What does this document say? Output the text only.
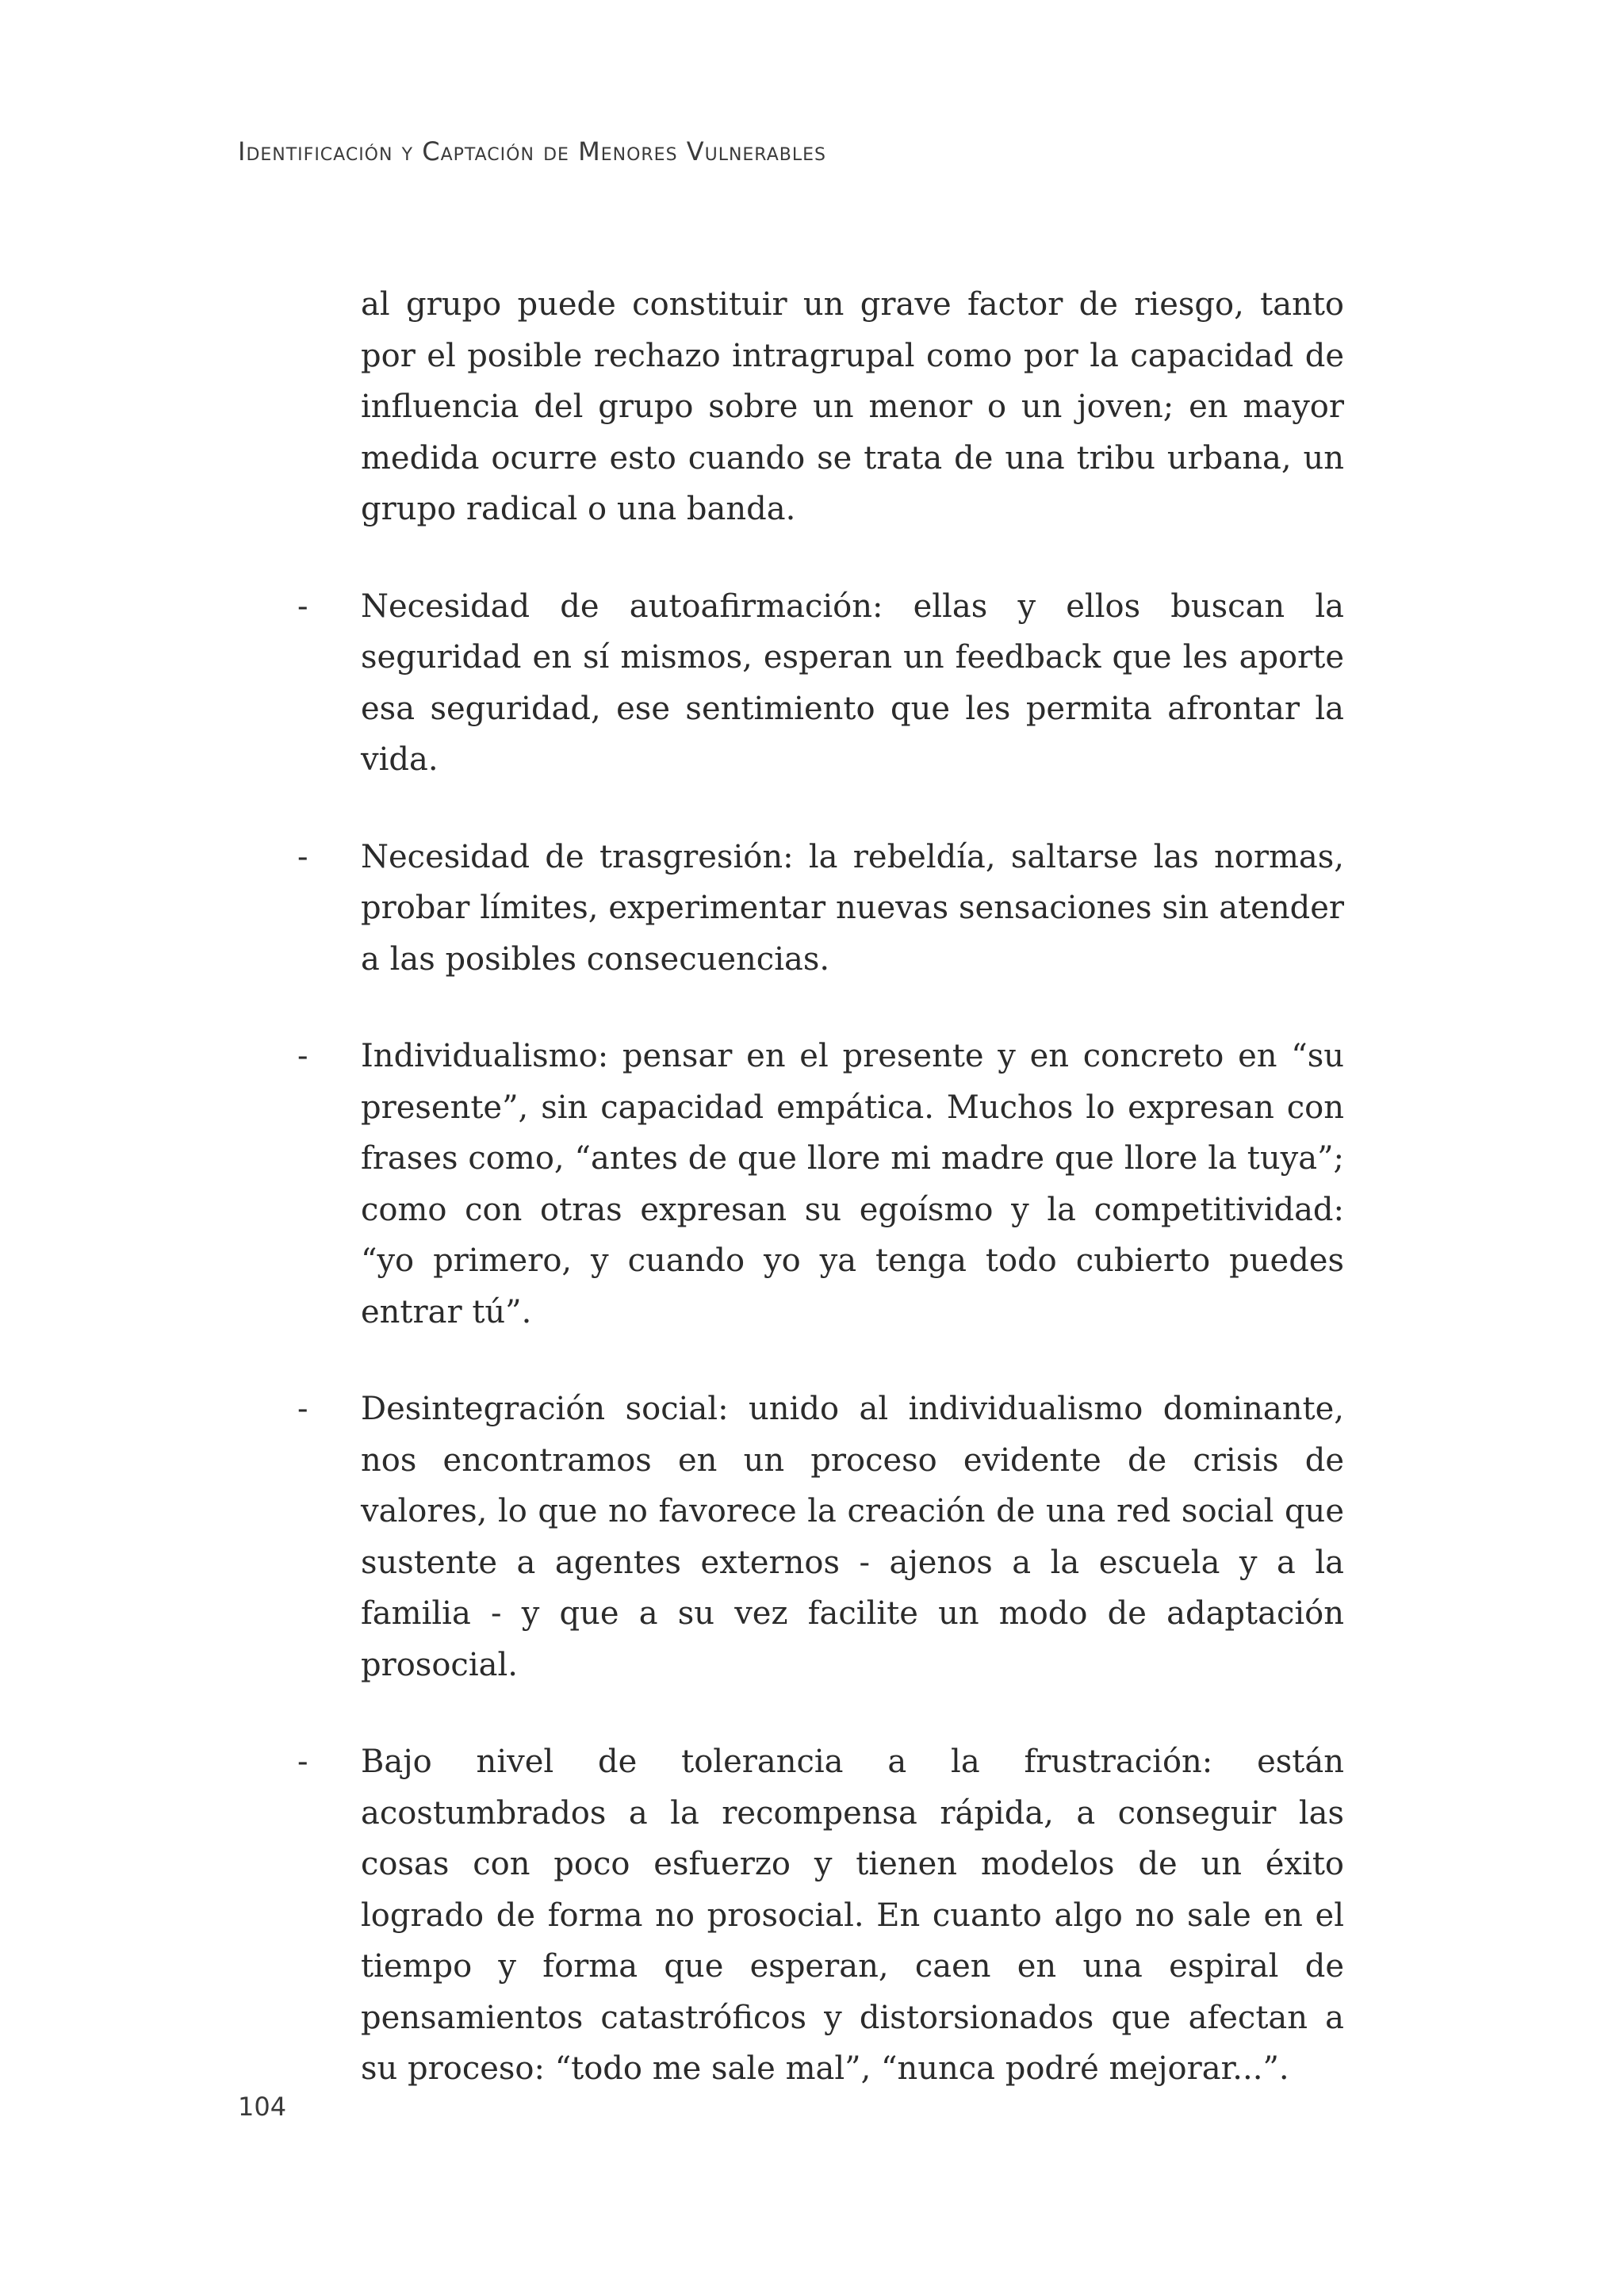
Identificación y Captación de Menores Vulnerables

al grupo puede constituir un grave factor de riesgo, tanto por el posible rechazo intragrupal como por la capacidad de influencia del grupo sobre un menor o un joven; en mayor medida ocurre esto cuando se trata de una tribu urbana, un grupo radical o una banda.

- Necesidad de autoafirmación: ellas y ellos buscan la seguridad en sí mismos, esperan un feedback que les aporte esa seguridad, ese sentimiento que les permita afrontar la vida.
- Necesidad de trasgresión: la rebeldía, saltarse las normas, probar límites, experimentar nuevas sensaciones sin atender a las posibles consecuencias.
- Individualismo: pensar en el presente y en concreto en “su presente”, sin capacidad empática. Muchos lo expresan con frases como, “antes de que llore mi madre que llore la tuya”; como con otras expresan su egoísmo y la competitividad: “yo primero, y cuando yo ya tenga todo cubierto puedes entrar tú”.
- Desintegración social: unido al individualismo dominante, nos encontramos en un proceso evidente de crisis de valores, lo que no favorece la creación de una red social que sustente a agentes externos - ajenos a la escuela y a la familia - y que a su vez facilite un modo de adaptación prosocial.
- Bajo nivel de tolerancia a la frustración: están acostumbrados a la recompensa rápida, a conseguir las cosas con poco esfuerzo y tienen modelos de un éxito logrado de forma no prosocial. En cuanto algo no sale en el tiempo y forma que esperan, caen en una espiral de pensamientos catastróficos y distorsionados que afectan a su proceso: “todo me sale mal”, “nunca podré mejorar...”.
104
